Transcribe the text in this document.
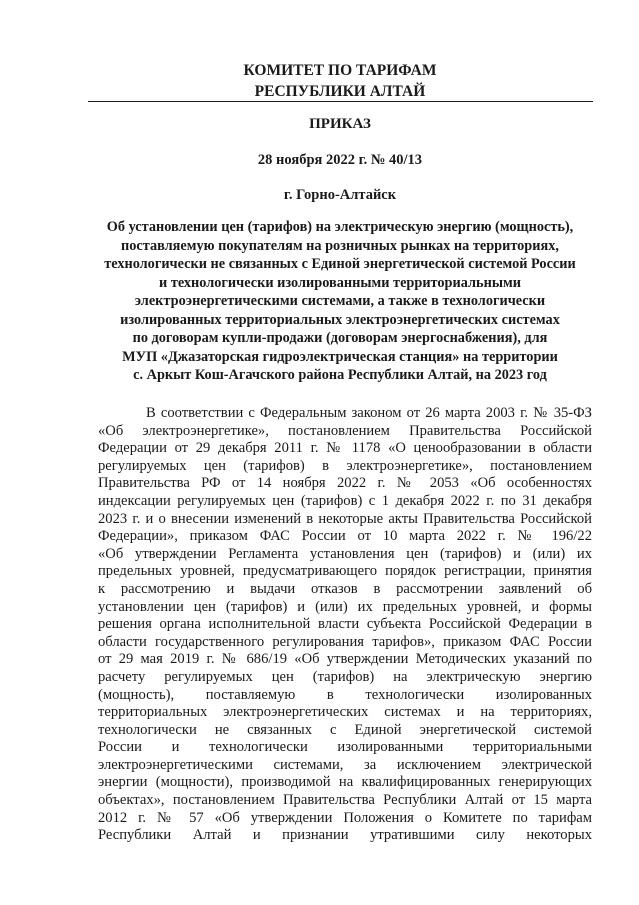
КОМИТЕТ ПО ТАРИФАМ
РЕСПУБЛИКИ АЛТАЙ
ПРИКАЗ
28 ноября 2022 г. № 40/13
г. Горно-Алтайск
Об установлении цен (тарифов) на электрическую энергию (мощность),
поставляемую покупателям на розничных рынках на территориях,
технологически не связанных с Единой энергетической системой России
и технологически изолированными территориальными
электроэнергетическими системами, а также в технологически
изолированных территориальных электроэнергетических системах
по договорам купли-продажи (договорам энергоснабжения), для
МУП «Джазаторская гидроэлектрическая станция» на территории
с. Аркыт Кош-Агачского района Республики Алтай, на 2023 год
В соответствии с Федеральным законом от 26 марта 2003 г. № 35-ФЗ
«Об электроэнергетике», постановлением Правительства Российской
Федерации от 29 декабря 2011 г. № 1178 «О ценообразовании в области
регулируемых цен (тарифов) в электроэнергетике», постановлением
Правительства РФ от 14 ноября 2022 г. № 2053 «Об особенностях
индексации регулируемых цен (тарифов) с 1 декабря 2022 г. по 31 декабря
2023 г. и о внесении изменений в некоторые акты Правительства Российской
Федерации», приказом ФАС России от 10 марта 2022 г. № 196/22
«Об утверждении Регламента установления цен (тарифов) и (или) их
предельных уровней, предусматривающего порядок регистрации, принятия
к рассмотрению и выдачи отказов в рассмотрении заявлений об
установлении цен (тарифов) и (или) их предельных уровней, и формы
решения органа исполнительной власти субъекта Российской Федерации в
области государственного регулирования тарифов», приказом ФАС России
от 29 мая 2019 г. № 686/19 «Об утверждении Методических указаний по
расчету регулируемых цен (тарифов) на электрическую энергию
(мощность), поставляемую в технологически изолированных
территориальных электроэнергетических системах и на территориях,
технологически не связанных с Единой энергетической системой
России и технологически изолированными территориальными
электроэнергетическими системами, за исключением электрической
энергии (мощности), производимой на квалифицированных генерирующих
объектах», постановлением Правительства Республики Алтай от 15 марта
2012 г. № 57 «Об утверждении Положения о Комитете по тарифам
Республики Алтай и признании утратившими силу некоторых
